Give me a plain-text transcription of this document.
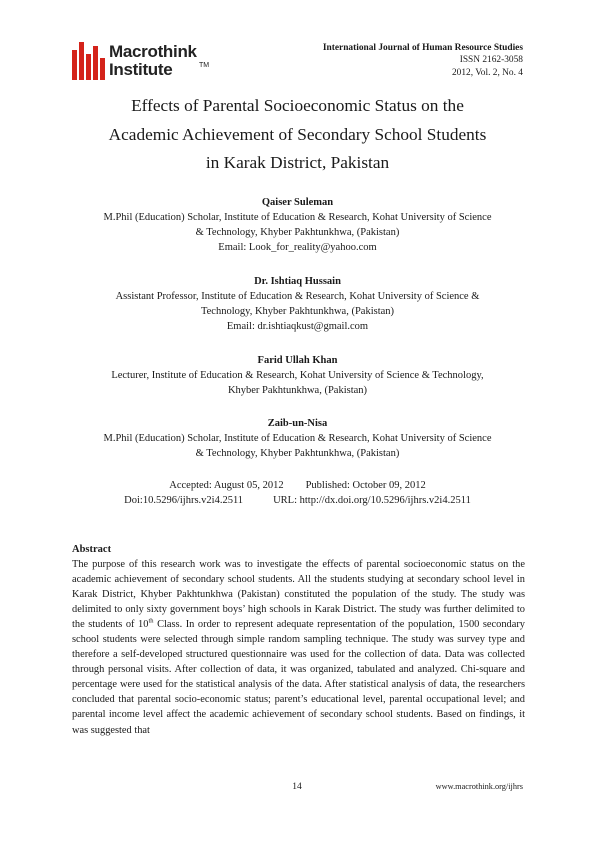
Macrothink
Institute	TM
International Journal of Human Resource Studies
ISSN 2162-3058
2012, Vol. 2, No. 4
Effects of Parental Socioeconomic Status on the
Academic Achievement of Secondary School Students
in Karak District, Pakistan
Qaiser Suleman
M.Phil (Education) Scholar, Institute of Education & Research, Kohat University of Science
& Technology, Khyber Pakhtunkhwa, (Pakistan)
Email: Look_for_reality@yahoo.com
Dr. Ishtiaq Hussain
Assistant Professor, Institute of Education & Research, Kohat University of Science &
Technology, Khyber Pakhtunkhwa, (Pakistan)
Email: dr.ishtiaqkust@gmail.com
Farid Ullah Khan
Lecturer, Institute of Education & Research, Kohat University of Science & Technology,
Khyber Pakhtunkhwa, (Pakistan)
Zaib-un-Nisa
M.Phil (Education) Scholar, Institute of Education & Research, Kohat University of Science
& Technology, Khyber Pakhtunkhwa, (Pakistan)
Accepted: August 05, 2012 Published: October 09, 2012
Doi:10.5296/ijhrs.v2i4.2511	URL: http://dx.doi.org/10.5296/ijhrs.v2i4.2511
Abstract
The purpose of this research work was to investigate the effects of parental socioeconomic status on the academic achievement of secondary school students. All the students studying at secondary school level in Karak District, Khyber Pakhtunkhwa (Pakistan) constituted the population of the study. The study was delimited to only sixty government boys’ high schools in Karak District. The study was further delimited to the students of 10th Class. In order to represent adequate representation of the population, 1500 secondary school students were selected through simple random sampling technique. The study was survey type and therefore a self-developed structured questionnaire was used for the collection of data. Data was collected through personal visits. After collection of data, it was organized, tabulated and analyzed. Chi-square and percentage were used for the statistical analysis of the data. After statistical analysis of data, the researchers concluded that parental socio-economic status; parent’s educational level, parental occupational level; and parental income level affect the academic achievement of secondary school students. Based on findings, it was suggested that
14	www.macrothink.org/ijhrs
